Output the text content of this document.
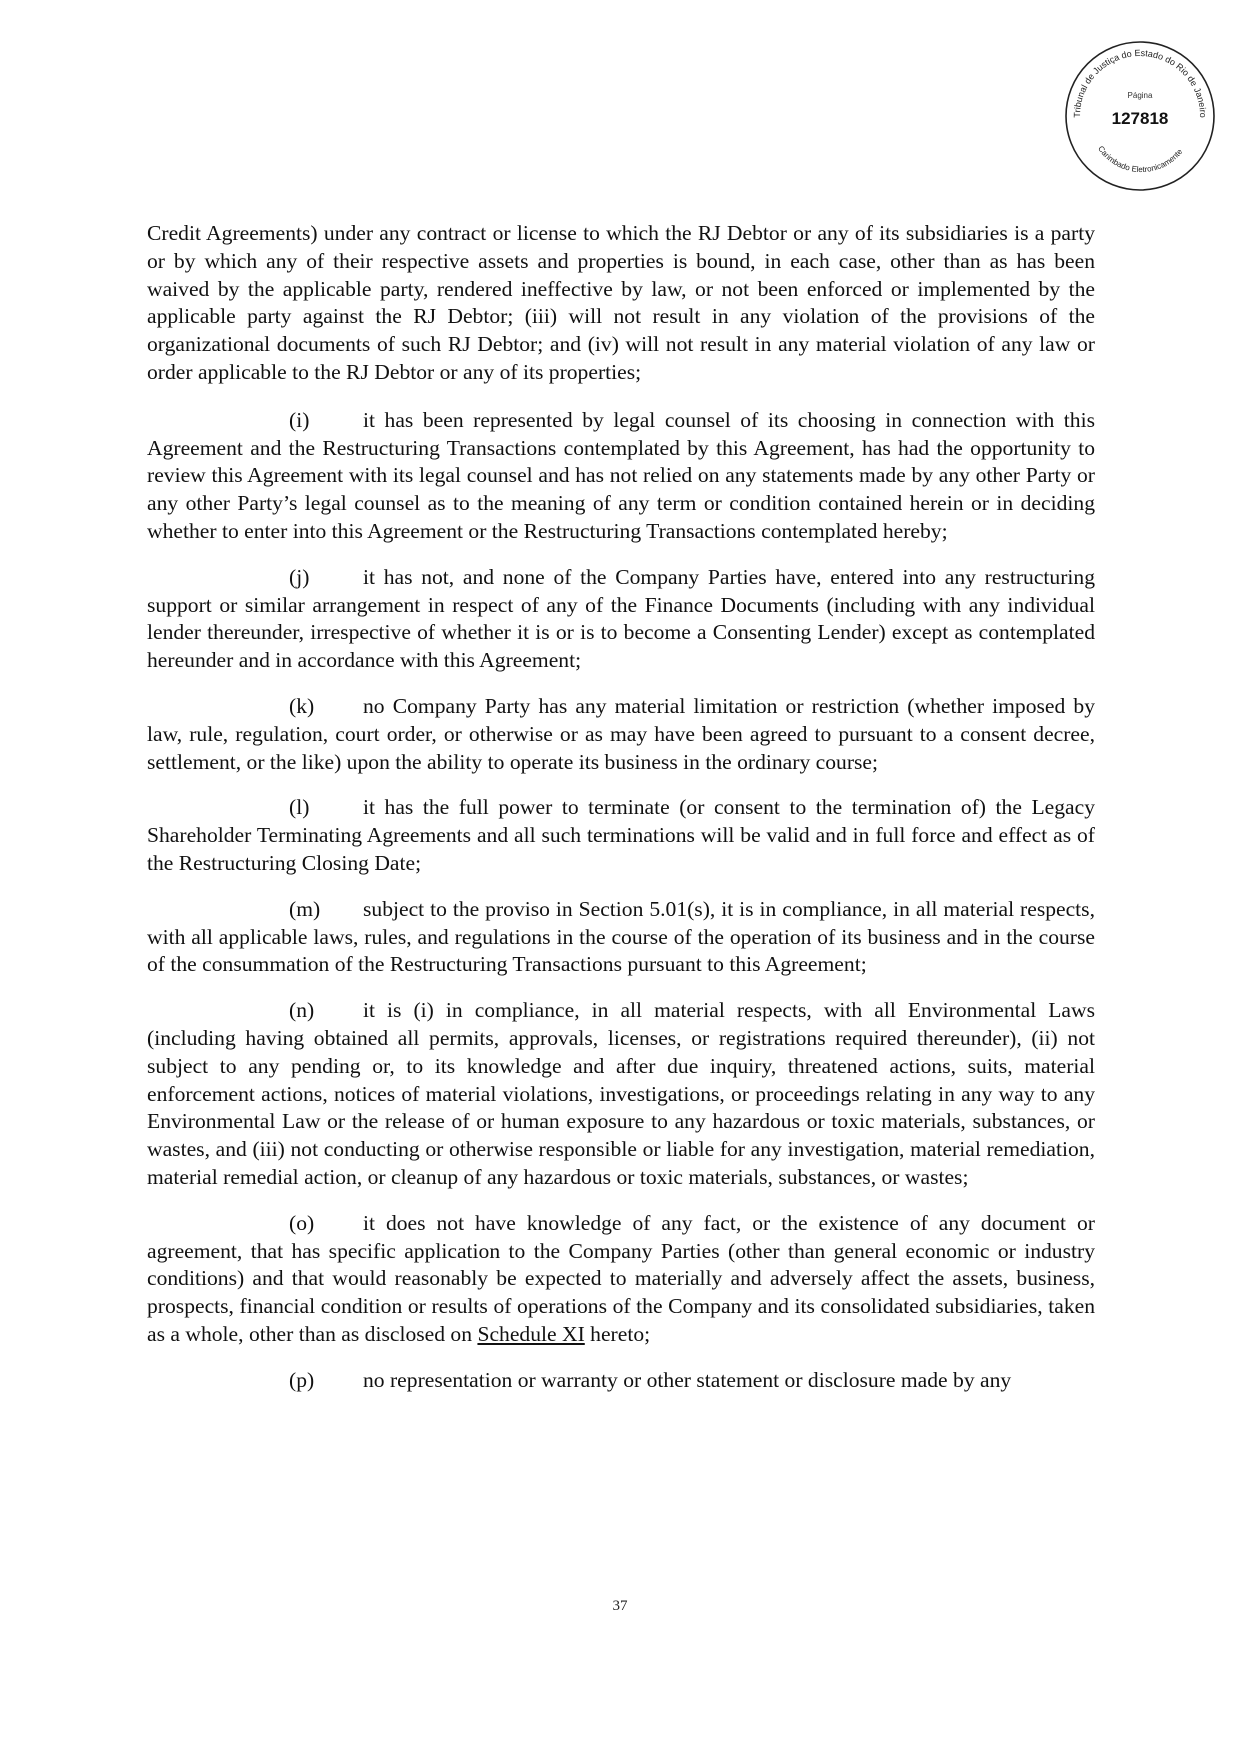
Tribunal de Justiça do Estado do Rio de Janeiro
Página
127818
Carimbado Eletronicamente

Credit Agreements) under any contract or license to which the RJ Debtor or any of its subsidiaries is a party or by which any of their respective assets and properties is bound, in each case, other than as has been waived by the applicable party, rendered ineffective by law, or not been enforced or implemented by the applicable party against the RJ Debtor; (iii) will not result in any violation of the provisions of the organizational documents of such RJ Debtor; and (iv) will not result in any material violation of any law or order applicable to the RJ Debtor or any of its properties;

(i) it has been represented by legal counsel of its choosing in connection with this Agreement and the Restructuring Transactions contemplated by this Agreement, has had the opportunity to review this Agreement with its legal counsel and has not relied on any statements made by any other Party or any other Party’s legal counsel as to the meaning of any term or condition contained herein or in deciding whether to enter into this Agreement or the Restructuring Transactions contemplated hereby;

(j) it has not, and none of the Company Parties have, entered into any restructuring support or similar arrangement in respect of any of the Finance Documents (including with any individual lender thereunder, irrespective of whether it is or is to become a Consenting Lender) except as contemplated hereunder and in accordance with this Agreement;

(k) no Company Party has any material limitation or restriction (whether imposed by law, rule, regulation, court order, or otherwise or as may have been agreed to pursuant to a consent decree, settlement, or the like) upon the ability to operate its business in the ordinary course;

(l) it has the full power to terminate (or consent to the termination of) the Legacy Shareholder Terminating Agreements and all such terminations will be valid and in full force and effect as of the Restructuring Closing Date;

(m) subject to the proviso in Section 5.01(s), it is in compliance, in all material respects, with all applicable laws, rules, and regulations in the course of the operation of its business and in the course of the consummation of the Restructuring Transactions pursuant to this Agreement;

(n) it is (i) in compliance, in all material respects, with all Environmental Laws (including having obtained all permits, approvals, licenses, or registrations required thereunder), (ii) not subject to any pending or, to its knowledge and after due inquiry, threatened actions, suits, material enforcement actions, notices of material violations, investigations, or proceedings relating in any way to any Environmental Law or the release of or human exposure to any hazardous or toxic materials, substances, or wastes, and (iii) not conducting or otherwise responsible or liable for any investigation, material remediation, material remedial action, or cleanup of any hazardous or toxic materials, substances, or wastes;

(o) it does not have knowledge of any fact, or the existence of any document or agreement, that has specific application to the Company Parties (other than general economic or industry conditions) and that would reasonably be expected to materially and adversely affect the assets, business, prospects, financial condition or results of operations of the Company and its consolidated subsidiaries, taken as a whole, other than as disclosed on Schedule XI hereto;

(p) no representation or warranty or other statement or disclosure made by any

37
